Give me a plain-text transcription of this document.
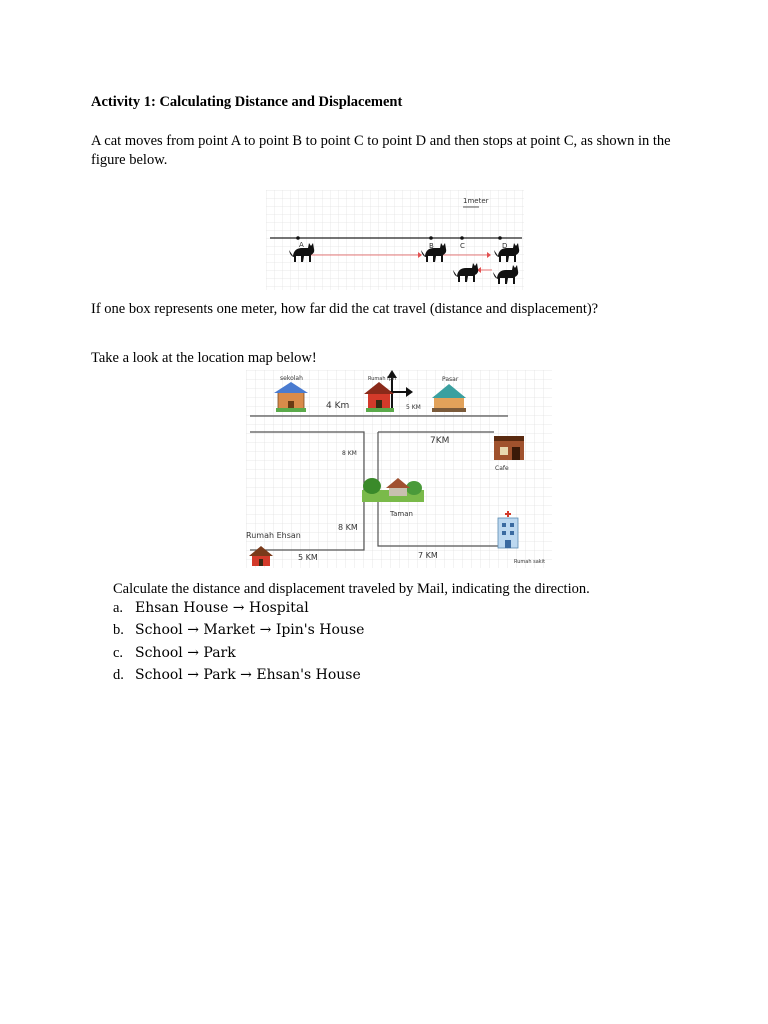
Activity 1: Calculating Distance and Displacement
A cat moves from point A to point B to point C to point D and then stops at point C, as shown in the figure below.
1meter
A	B	C	D
If one box represents one meter, how far did the cat travel (distance and displacement)?
Take a look at the location map below!
sekolah	Rumah Ipin	Pasar
Cafe
Taman
Rumah Ehsan
Rumah sakit
4 Km	5 KM
7KM
8 KM
8 KM
5 KM	7 KM
Calculate the distance and displacement traveled by Mail, indicating the direction.
a. Ehsan House → Hospital
b. School → Market → Ipin's House
c. School → Park
d. School → Park → Ehsan's House
